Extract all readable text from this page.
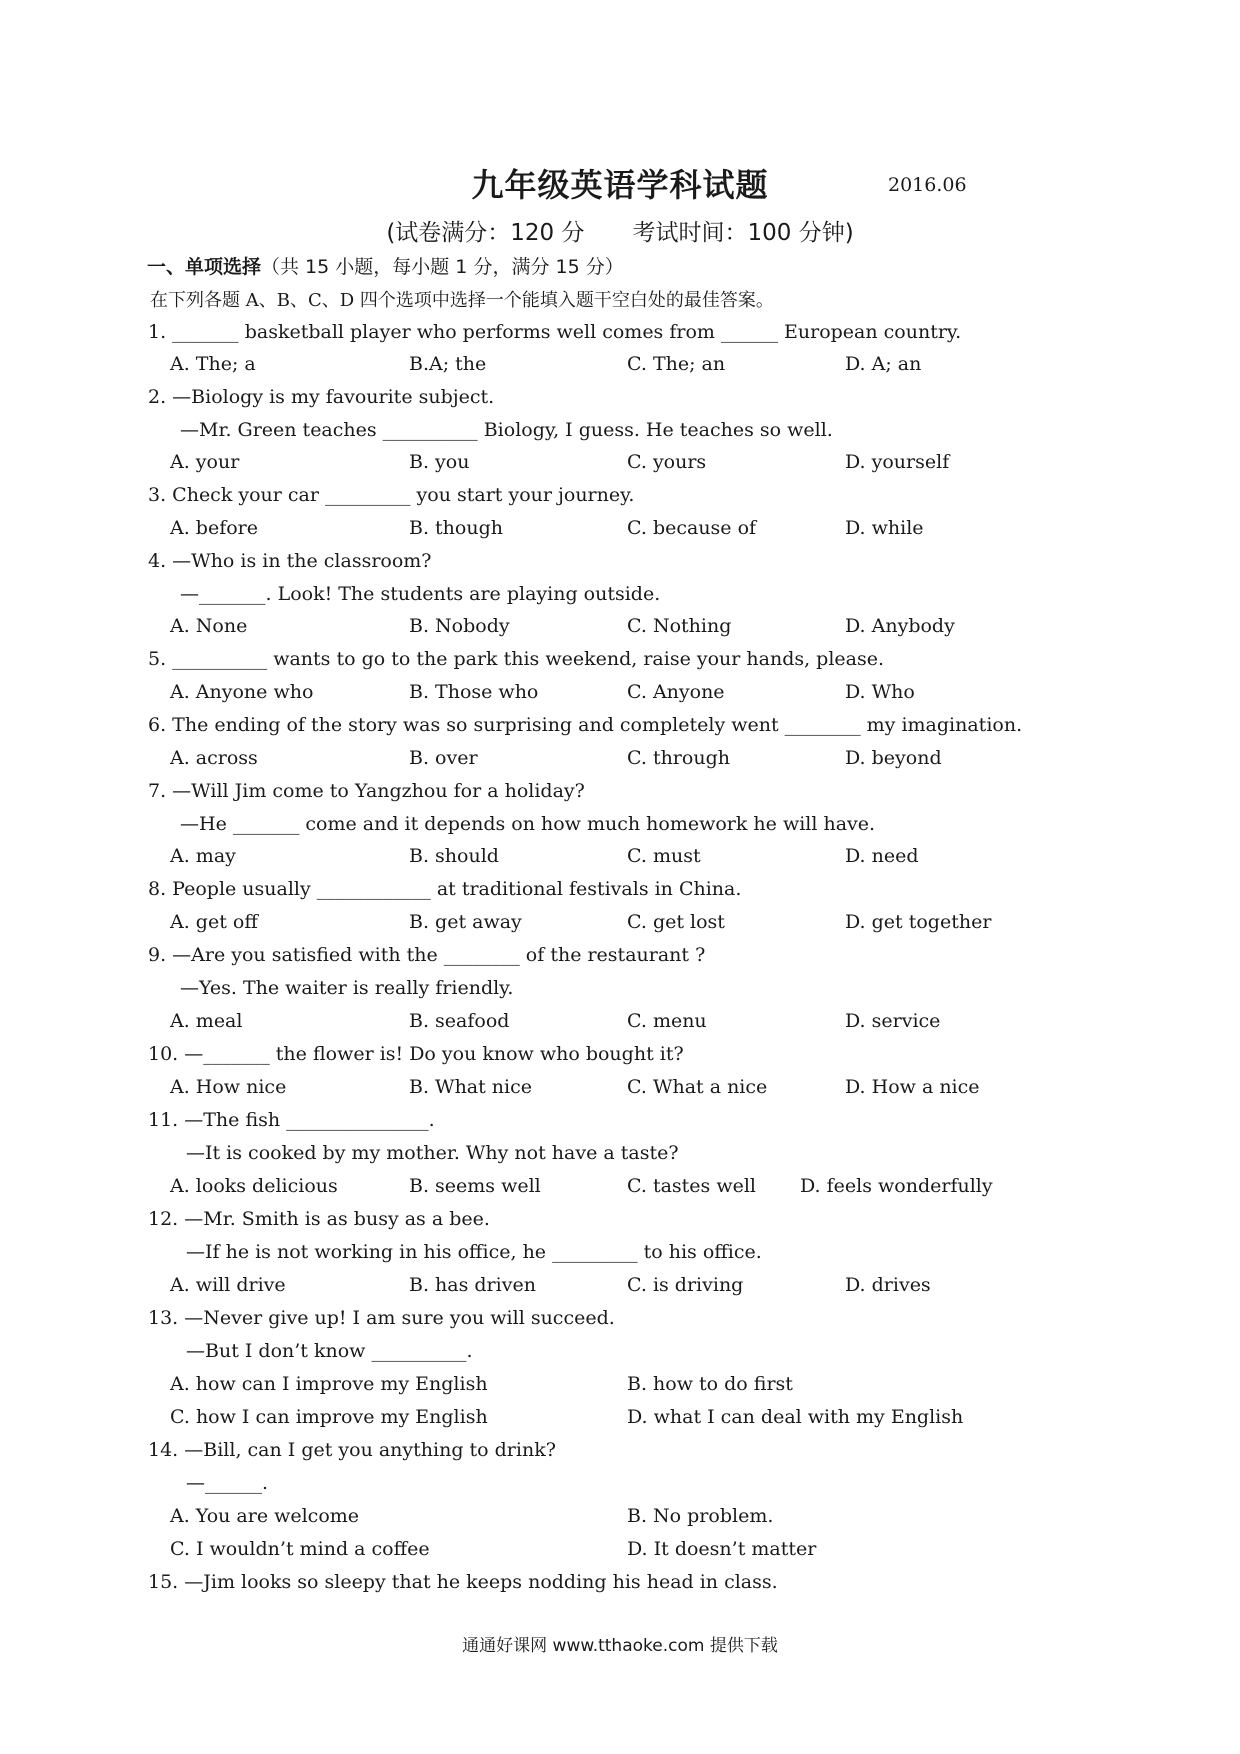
九年级英语学科试题	2016.06
(试卷满分：120 分 考试时间：100 分钟)
一、单项选择（共 15 小题，每小题 1 分，满分 15 分）
在下列各题 A、B、C、D 四个选项中选择一个能填入题干空白处的最佳答案。
1. _______ basketball player who performs well comes from ______ European country.
A. The; a	B.A; the	C. The; an	D. A; an
2. —Biology is my favourite subject.
—Mr. Green teaches __________ Biology, I guess. He teaches so well.
A. your	B. you	C. yours	D. yourself
3. Check your car _________ you start your journey.
A. before	B. though	C. because of	D. while
4. —Who is in the classroom?
—_______. Look! The students are playing outside.
A. None	B. Nobody	C. Nothing	D. Anybody
5. __________ wants to go to the park this weekend, raise your hands, please.
A. Anyone who	B. Those who	C. Anyone	D. Who
6. The ending of the story was so surprising and completely went ________ my imagination.
A. across	B. over	C. through	D. beyond
7. —Will Jim come to Yangzhou for a holiday?
—He _______ come and it depends on how much homework he will have.
A. may	B. should	C. must	D. need
8. People usually ____________ at traditional festivals in China.
A. get off	B. get away	C. get lost	D. get together
9. —Are you satisfied with the ________ of the restaurant ?
—Yes. The waiter is really friendly.
A. meal	B. seafood	C. menu	D. service
10. —_______ the flower is! Do you know who bought it?
A. How nice	B. What nice	C. What a nice	D. How a nice
11. —The fish _______________.
—It is cooked by my mother. Why not have a taste?
A. looks delicious	B. seems well	C. tastes well D. feels wonderfully
12. —Mr. Smith is as busy as a bee.
—If he is not working in his office, he _________ to his office.
A. will drive	B. has driven	C. is driving	D. drives
13. —Never give up! I am sure you will succeed.
—But I don’t know __________.
A. how can I improve my English	B. how to do first
C. how I can improve my English	D. what I can deal with my English
14. —Bill, can I get you anything to drink?
—______.
A. You are welcome	B. No problem.
C. I wouldn’t mind a coffee	D. It doesn’t matter
15. —Jim looks so sleepy that he keeps nodding his head in class.
通通好课网 www.tthaoke.com 提供下载
